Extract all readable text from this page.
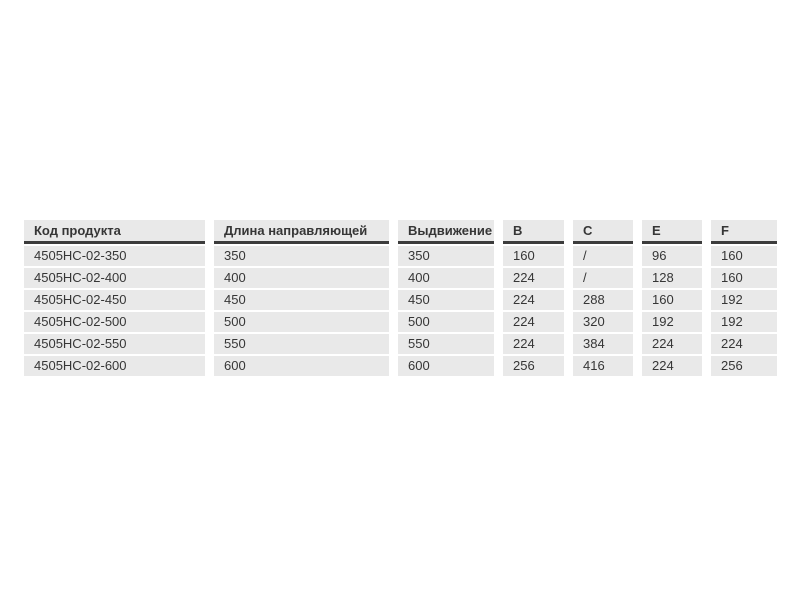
Код продукта	Длина направляющей	Выдвижение	B	C	E	F
4505HC-02-350	350	350	160	/	96	160
4505HC-02-400	400	400	224	/	128	160
4505HC-02-450	450	450	224	288	160	192
4505HC-02-500	500	500	224	320	192	192
4505HC-02-550	550	550	224	384	224	224
4505HC-02-600	600	600	256	416	224	256
